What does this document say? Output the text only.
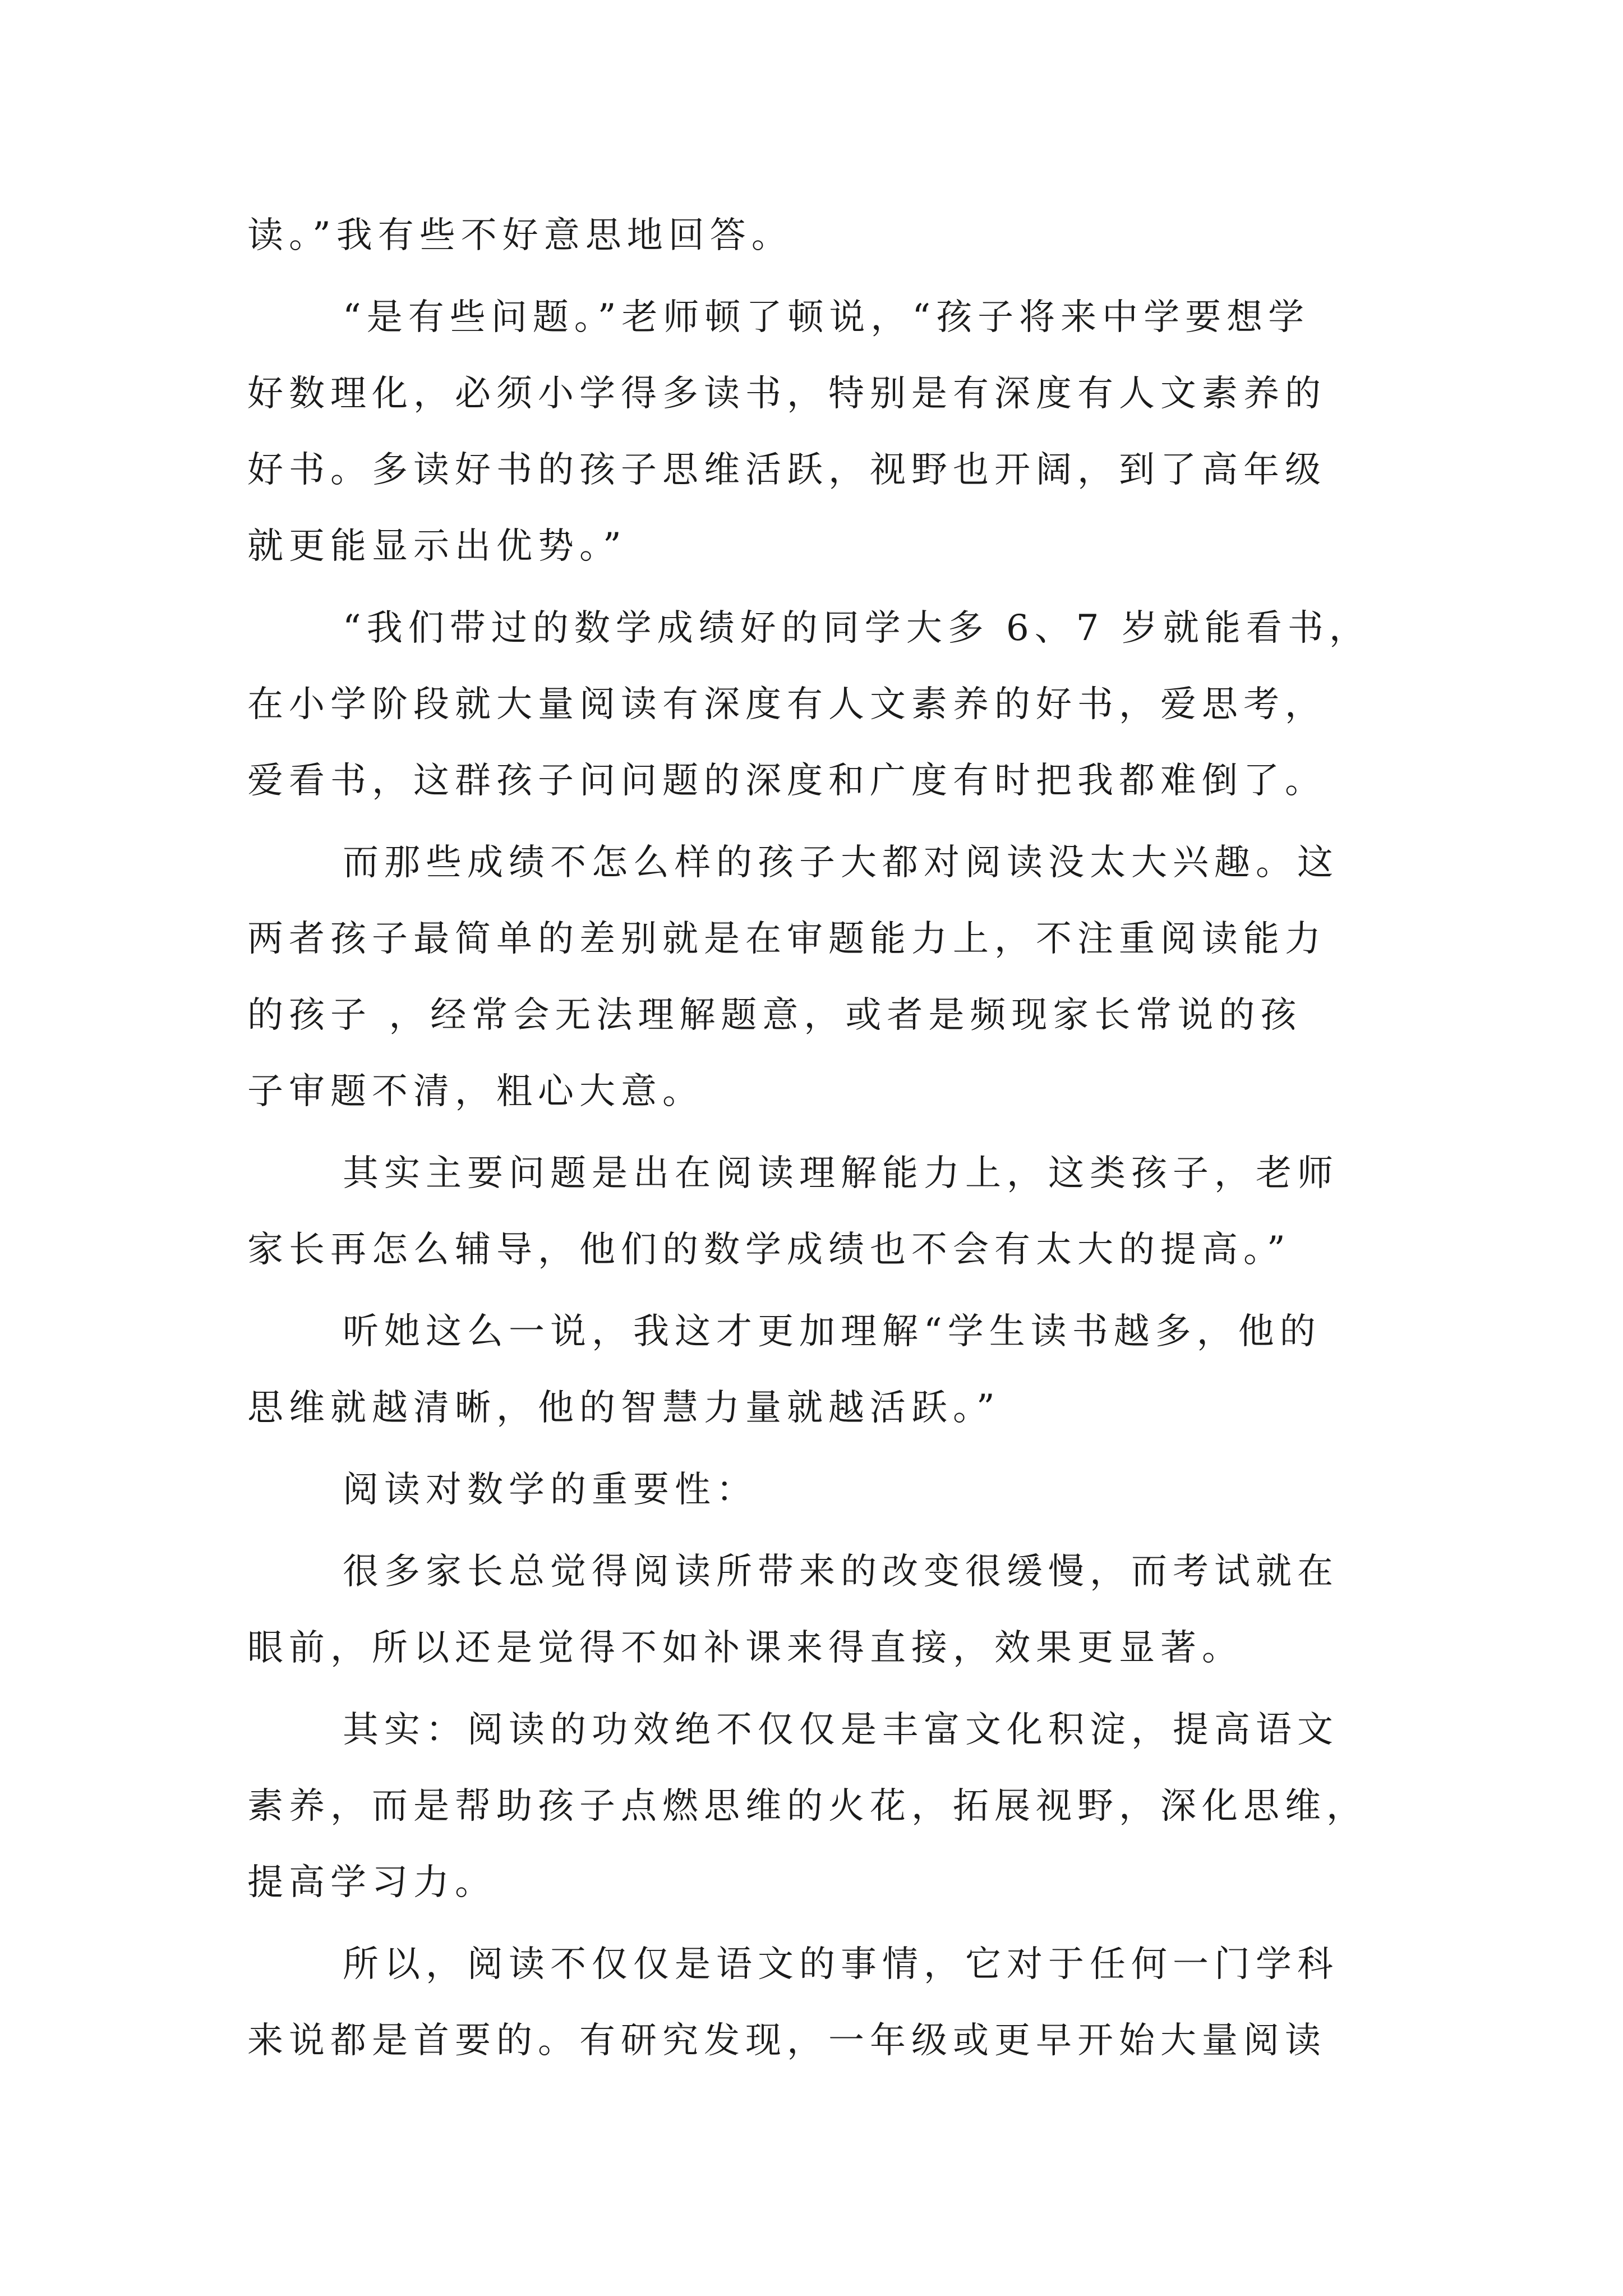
读。”我有些不好意思地回答。

　“是有些问题。”老师顿了顿说，“孩子将来中学要想学

好数理化，必须小学得多读书，特别是有深度有人文素养的

好书。多读好书的孩子思维活跃，视野也开阔，到了高年级

就更能显示出优势。”

　“我们带过的数学成绩好的同学大多 6、7 岁就能看书，

在小学阶段就大量阅读有深度有人文素养的好书，爱思考，

爱看书，这群孩子问问题的深度和广度有时把我都难倒了。

　而那些成绩不怎么样的孩子大都对阅读没太大兴趣。这

两者孩子最简单的差别就是在审题能力上，不注重阅读能力

的孩子 ，经常会无法理解题意，或者是频现家长常说的孩

子审题不清，粗心大意。

　其实主要问题是出在阅读理解能力上，这类孩子，老师

家长再怎么辅导，他们的数学成绩也不会有太大的提高。”

　听她这么一说，我这才更加理解“学生读书越多，他的

思维就越清晰，他的智慧力量就越活跃。”

　阅读对数学的重要性：

　很多家长总觉得阅读所带来的改变很缓慢，而考试就在

眼前，所以还是觉得不如补课来得直接，效果更显著。

　其实：阅读的功效绝不仅仅是丰富文化积淀，提高语文

素养，而是帮助孩子点燃思维的火花，拓展视野，深化思维，

提高学习力。

　所以，阅读不仅仅是语文的事情，它对于任何一门学科

来说都是首要的。有研究发现，一年级或更早开始大量阅读
